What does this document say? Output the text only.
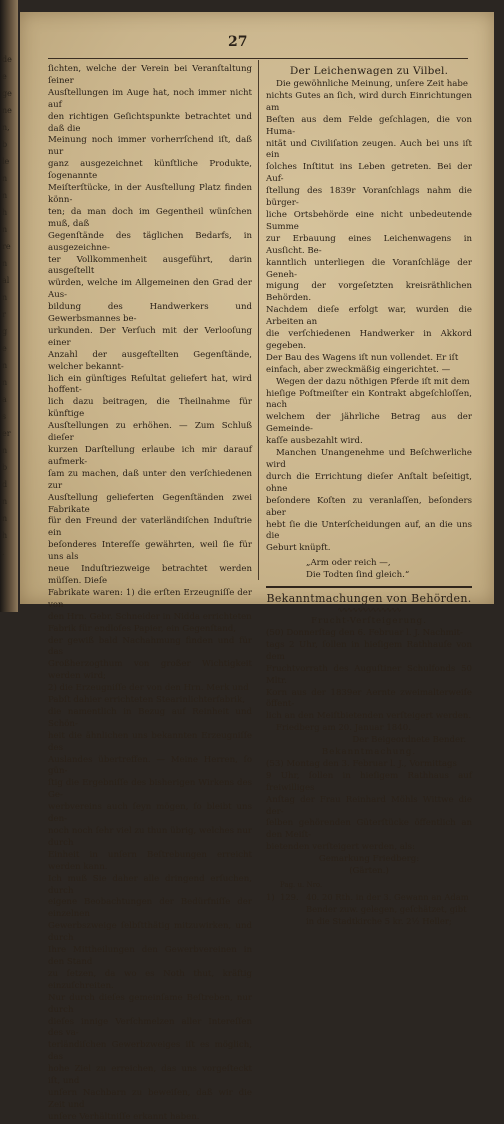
de
e
ge
ne
n,
b
le
n
n
h
n
re
n
al
n
r
g
e
n
n
a
s
er
n
b
d
n
n
h
.
27

ſichten, welche der Verein bei Veranſtaltung ſeiner

Ausſtellungen im Auge hat, noch immer nicht auf

den richtigen Geſichtspunkte betrachtet und daß die

Meinung noch immer vorherrſchend iſt, daß nur

ganz ausgezeichnet künſtliche Produkte, ſogenannte

Meiſterſtücke, in der Ausſtellung Platz finden könn-

ten; da man doch im Gegentheil wünſchen muß, daß

Gegenſtände des täglichen Bedarfs, in ausgezeichne-

ter Vollkommenheit ausgeführt, darin ausgeſtellt

würden, welche im Allgemeinen den Grad der Aus-

bildung des Handwerkers und Gewerbsmannes be-

urkunden. Der Verſuch mit der Verlooſung einer

Anzahl der ausgeſtellten Gegenſtände, welcher bekannt-

lich ein günſtiges Reſultat geliefert hat, wird hoffent-

lich dazu beitragen, die Theilnahme für künftige

Ausſtellungen zu erhöhen. — Zum Schluß dieſer

kurzen Darſtellung erlaube ich mir darauf aufmerk-

ſam zu machen, daß unter den verſchiedenen zur

Ausſtellung gelieferten Gegenſtänden zwei Fabrikate

für den Freund der vaterländiſchen Induſtrie ein

beſonderes Intereſſe gewährten, weil ſie für uns als

neue Induſtriezweige betrachtet werden müſſen. Dieſe

Fabrikate waren: 1) die erſten Erzeugniſſe der von

den Hrn. Gebr. Schneider in Nidda errichteten

Fabrik für endloſes Papier, ein Gegenſtand,

der gewiß bald Nachahmung finden und für das

Großherzogthum von großer Wichtigkeit werden wird;

2) die Erzeugniſſe der von den Hrn. Merk und

Pabſt dahier errichteten Stearinlichterfabrik,

die namentlich in Bezug auf Reinheit und Schön-

heit die ähnlichen uns bekannten Erzeugniſſe des

Auslandes übertreffen. — Meine Herren, ſo gün-

ſtig die Ergebniſſe des bisherigen Wirkens des Ge-

werbvereins auch ſeyn mögen, ſo bleibt uns den-

noch noch ſehr viel zu thun übrig, welches nur durch

Einheit in unſern Beſtrebungen erreicht werden kann.

Ich muß Sie daher alle dringend erſuchen, durch

eigene Beobachtungen der Bedürfniſſe der einzelnen

Gewerbszweige ſelbſtthätig mitzuwirken, und durch

Ihre Mittheilungen den Gewerbvereinen in den Stand

zu ſetzen, da wo es Noth thut, kräftig einzuſchreiten.

Nur durch dieſes gemeinſame Beſtreben, nur durch

dieſes innige Verſchmelzen aller Intereſſen des va-

terländiſchen Gewerbzweiges iſt es möglich, das

hohe Ziel zu erreichen, das uns vorgeſteckt iſt, und

unſern Nachbarn zu beweiſen, daß wir die Zeit und

unſere Verhältniſſe erkannt haben.

Der Leichenwagen zu Vilbel.

Die gewöhnliche Meinung, unſere Zeit habe

nichts Gutes an ſich, wird durch Einrichtungen am

Beſten aus dem Felde geſchlagen, die von Huma-

nität und Civiliſation zeugen. Auch bei uns iſt ein

ſolches Inſtitut ins Leben getreten. Bei der Auf-

ſtellung des 1839r Voranſchlags nahm die bürger-

liche Ortsbehörde eine nicht unbedeutende Summe

zur Erbauung eines Leichenwagens in Ausſicht. Be-

kanntlich unterliegen die Voranſchläge der Geneh-

migung der vorgeſetzten kreisräthlichen Behörden.

Nachdem dieſe erfolgt war, wurden die Arbeiten an

die verſchiedenen Handwerker in Akkord gegeben.

Der Bau des Wagens iſt nun vollendet. Er iſt

einfach, aber zweckmäßig eingerichtet. —

Wegen der dazu nöthigen Pferde iſt mit dem

hieſige Poſtmeiſter ein Kontrakt abgeſchloſſen, nach

welchem der jährliche Betrag aus der Gemeinde-

kaſſe ausbezahlt wird.

Manchen Unangenehme und Beſchwerliche wird

durch die Errichtung dieſer Anſtalt beſeitigt, ohne

beſondere Koſten zu veranlaſſen, beſonders aber

hebt ſie die Unterſcheidungen auf, an die uns die

Geburt knüpft.

„Arm oder reich —,

Die Todten ſind gleich.“

Bekanntmachungen von Behörden.
∿∿∿∿∿∿∿∿∿∿∿∿∿

Frucht-Verſteigerung.

(50) Donnerſtag den 6. Februar l. J. Nachmit-

tags 2 Uhr, ſollen in hieſigem Rathhauſe von dem

Fruchtvorrath des Auguſtiner Schulfonds 50 Mltr.

Korn aus der 1839er Aernte zweimalterweiſe öffent-

lich an den Meiſtbietenden verſteigert werden.

Friedberg am 20. Januar 1840.

Der Beigeordnete Bender.

Bekanntmachung.

(53) Montag den 3. Februar l. J., Vormittags

9 Uhr, ſollen in hieſigem Rathhaus auf freiwilliges

Anſtag der Frau Reinhard Möhls Wittwe die der-

ſelben gehörenden Güterſtücke öffentlich an den Meiſt-

bietenden verſteigert werden, als:

Gemarkung Friedberg:

(Gärten.)

Pag. u. Nro.		
1)	129.	40. 20 Rth. in der 3. Gewann an Adam
		Bender zuw. gelegen, geſchätzet, gibt
		in die Stadtkirche 5 kr. 2½ Heller;
